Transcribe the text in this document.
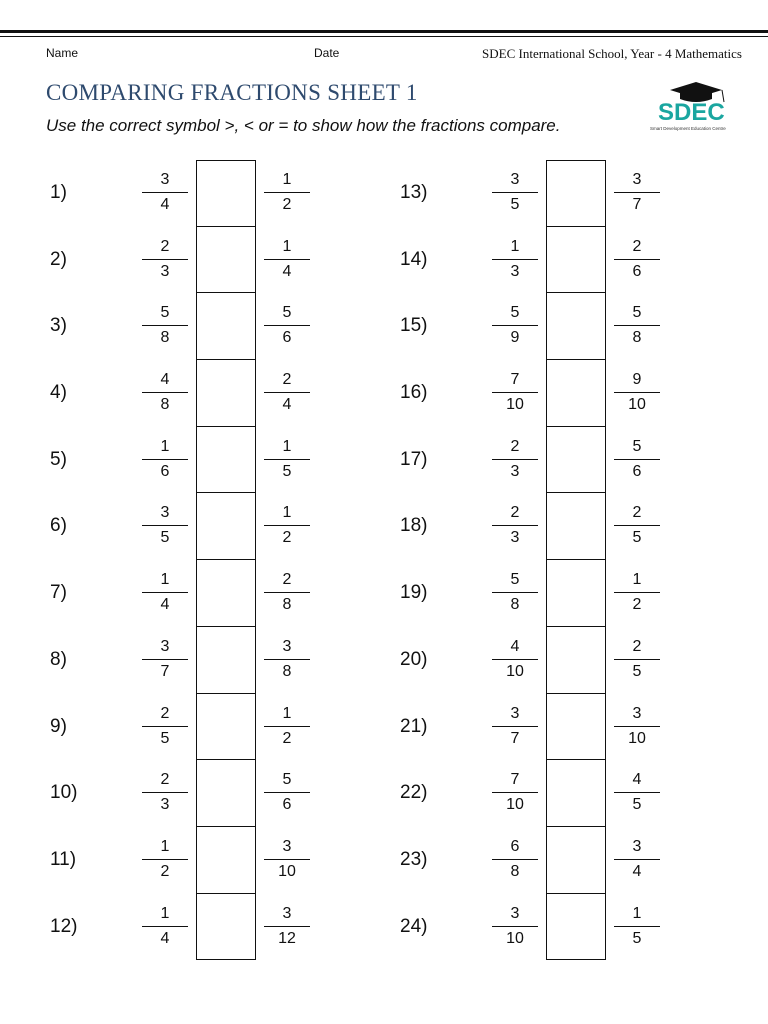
Name	Date	SDEC International School, Year - 4 Mathematics
COMPARING FRACTIONS SHEET 1
Use the correct symbol >, < or = to show how the fractions compare.	SDEC
Smart Development Education Centre
1)	$\frac{3}{4}$	$\frac{1}{2}$
2)	$\frac{2}{3}$	$\frac{1}{4}$
3)	$\frac{5}{8}$	$\frac{5}{6}$
4)	$\frac{4}{8}$	$\frac{2}{4}$
5)	$\frac{1}{6}$	$\frac{1}{5}$
6)	$\frac{3}{5}$	$\frac{1}{2}$
7)	$\frac{1}{4}$	$\frac{2}{8}$
8)	$\frac{3}{7}$	$\frac{3}{8}$
9)	$\frac{2}{5}$	$\frac{1}{2}$
10)	$\frac{2}{3}$	$\frac{5}{6}$
11)	$\frac{1}{2}$	$\frac{3}{10}$
12)	$\frac{1}{4}$	$\frac{3}{12}$
13)	$\frac{3}{5}$	$\frac{3}{7}$
14)	$\frac{1}{3}$	$\frac{2}{6}$
15)	$\frac{5}{9}$	$\frac{5}{8}$
16)	$\frac{7}{10}$	$\frac{9}{10}$
17)	$\frac{2}{3}$	$\frac{5}{6}$
18)	$\frac{2}{3}$	$\frac{2}{5}$
19)	$\frac{5}{8}$	$\frac{1}{2}$
20)	$\frac{4}{10}$	$\frac{2}{5}$
21)	$\frac{3}{7}$	$\frac{3}{10}$
22)	$\frac{7}{10}$	$\frac{4}{5}$
23)	$\frac{6}{8}$	$\frac{3}{4}$
24)	$\frac{3}{10}$	$\frac{1}{5}$
